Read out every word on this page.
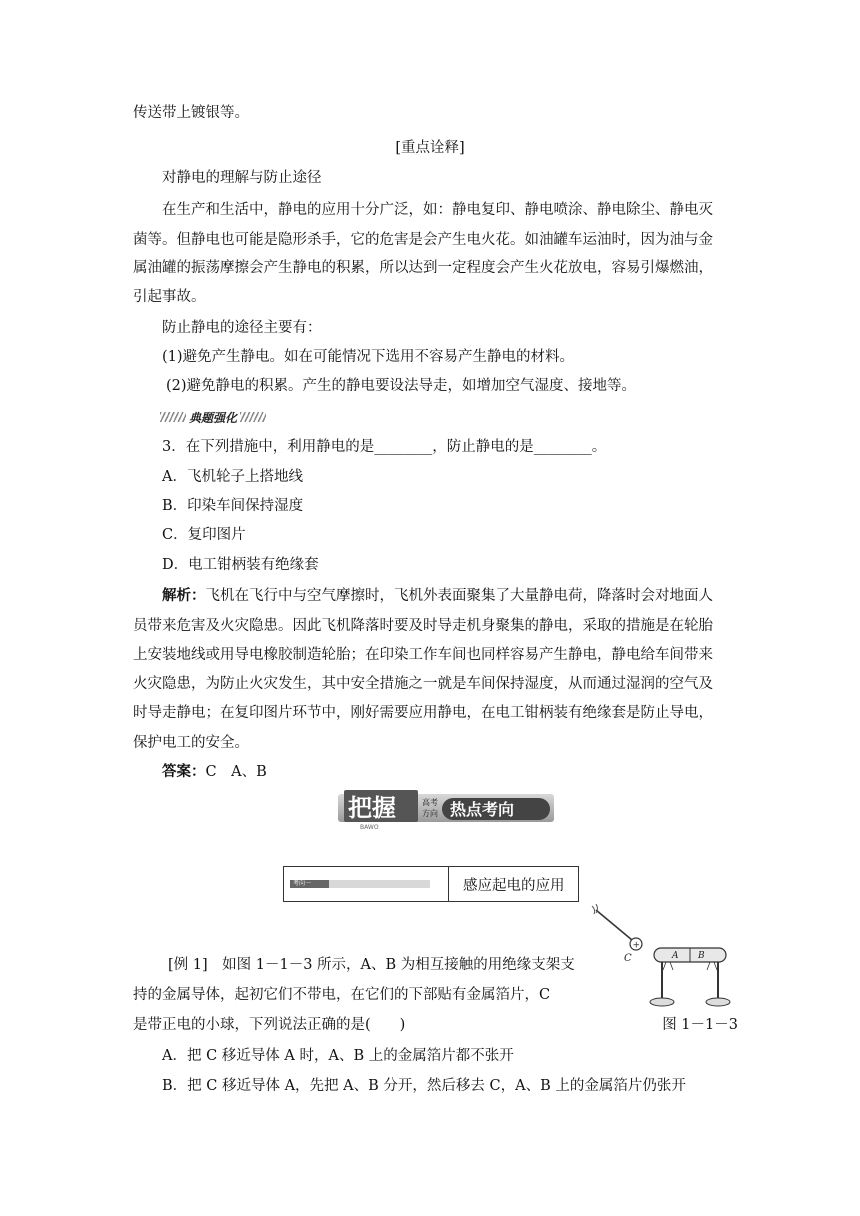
传送带上镀银等。
[重点诠释]
对静电的理解与防止途径
在生产和生活中，静电的应用十分广泛，如：静电复印、静电喷涂、静电除尘、静电灭
菌等。但静电也可能是隐形杀手，它的危害是会产生电火花。如油罐车运油时，因为油与金
属油罐的振荡摩擦会产生静电的积累，所以达到一定程度会产生火花放电，容易引爆燃油，
引起事故。
防止静电的途径主要有：
(1)避免产生静电。如在可能情况下选用不容易产生静电的材料。
(2)避免静电的积累。产生的静电要设法导走，如增加空气湿度、接地等。
典题强化
3．在下列措施中，利用静电的是________，防止静电的是________。
A．飞机轮子上搭地线
B．印染车间保持湿度
C．复印图片
D．电工钳柄装有绝缘套
解析：飞机在飞行中与空气摩擦时，飞机外表面聚集了大量静电荷，降落时会对地面人
员带来危害及火灾隐患。因此飞机降落时要及时导走机身聚集的静电，采取的措施是在轮胎
上安装地线或用导电橡胶制造轮胎；在印染工作车间也同样容易产生静电，静电给车间带来
火灾隐患，为防止火灾发生，其中安全措施之一就是车间保持湿度，从而通过湿润的空气及
时导走静电；在复印图片环节中，刚好需要应用静电，在电工钳柄装有绝缘套是防止导电，
保护电工的安全。
答案：C　A、B
把握	高考
方向 热点考向
BAWO
考向一	感应起电的应用
+
C	A B
图 1－1－3
[例 1]　 如图 1－1－3 所示，A、B 为相互接触的用绝缘支架支
持的金属导体，起初它们不带电，在它们的下部贴有金属箔片，C
是带正电的小球，下列说法正确的是(　　)
A．把 C 移近导体 A 时，A、B 上的金属箔片都不张开
B．把 C 移近导体 A，先把 A、B 分开，然后移去 C，A、B 上的金属箔片仍张开
